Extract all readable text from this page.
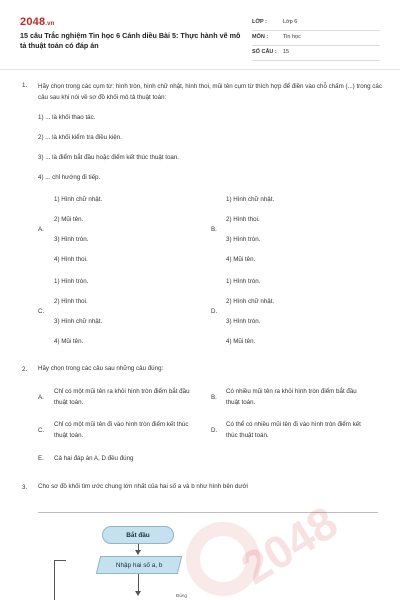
2048.vn
15 câu Trắc nghiệm Tin học 6 Cánh diều Bài 5: Thực hành vẽ mô tả thuật toán có đáp án
LỚP :	Lớp 6
MÔN :	Tin học
SỐ CÂU : 15
1. Hãy chọn trong các cụm từ: hình tròn, hình chữ nhật, hình thoi, mũi tên cụm từ thích hợp để điền vào chỗ chấm (...) trong các câu sau khi nói về sơ đồ khối mô tả thuật toán:
1) ... là khối thao tác.
2) ... là khối kiểm tra điều kiện.
3) ... là điểm bắt đầu hoặc điểm kết thúc thuật toan.
4) ... chỉ hướng đi tiếp.
A.
1) Hình chữ nhật.
2) Mũi tên.
3) Hình tròn.
4) Hình thoi.
B.
1) Hình chữ nhật.
2) Hình thoi.
3) Hình tròn.
4) Mũi tên.
C.
1) Hình tròn.
2) Hình thoi.
3) Hình chữ nhật.
4) Mũi tên.
D.
1) Hình tròn.
2) Hình chữ nhật.
3) Hình tròn.
4) Mũi tên.
2. Hãy chọn trong các câu sau những câu đúng:
A.
Chỉ có một mũi tên ra khỏi hình tròn điểm bắt đầu thuật toán.
B.
Có nhiều mũi tên ra khỏi hình tròn điểm bắt đầu thuật toán.
C.
Chỉ có một mũi tên đi vào hình tròn điểm kết thúc thuật toán.
D.
Có thể có nhiều mũi tên đi vào hình tròn điểm kết thúc thuật toán.
E. Cả hai đáp án A, D đều đúng
3. Cho sơ đồ khối tìm ước chung lớn nhất của hai số a và b như hình bên dưới
2048
Bắt đầu
Nhập hai số a, b
Đúng
